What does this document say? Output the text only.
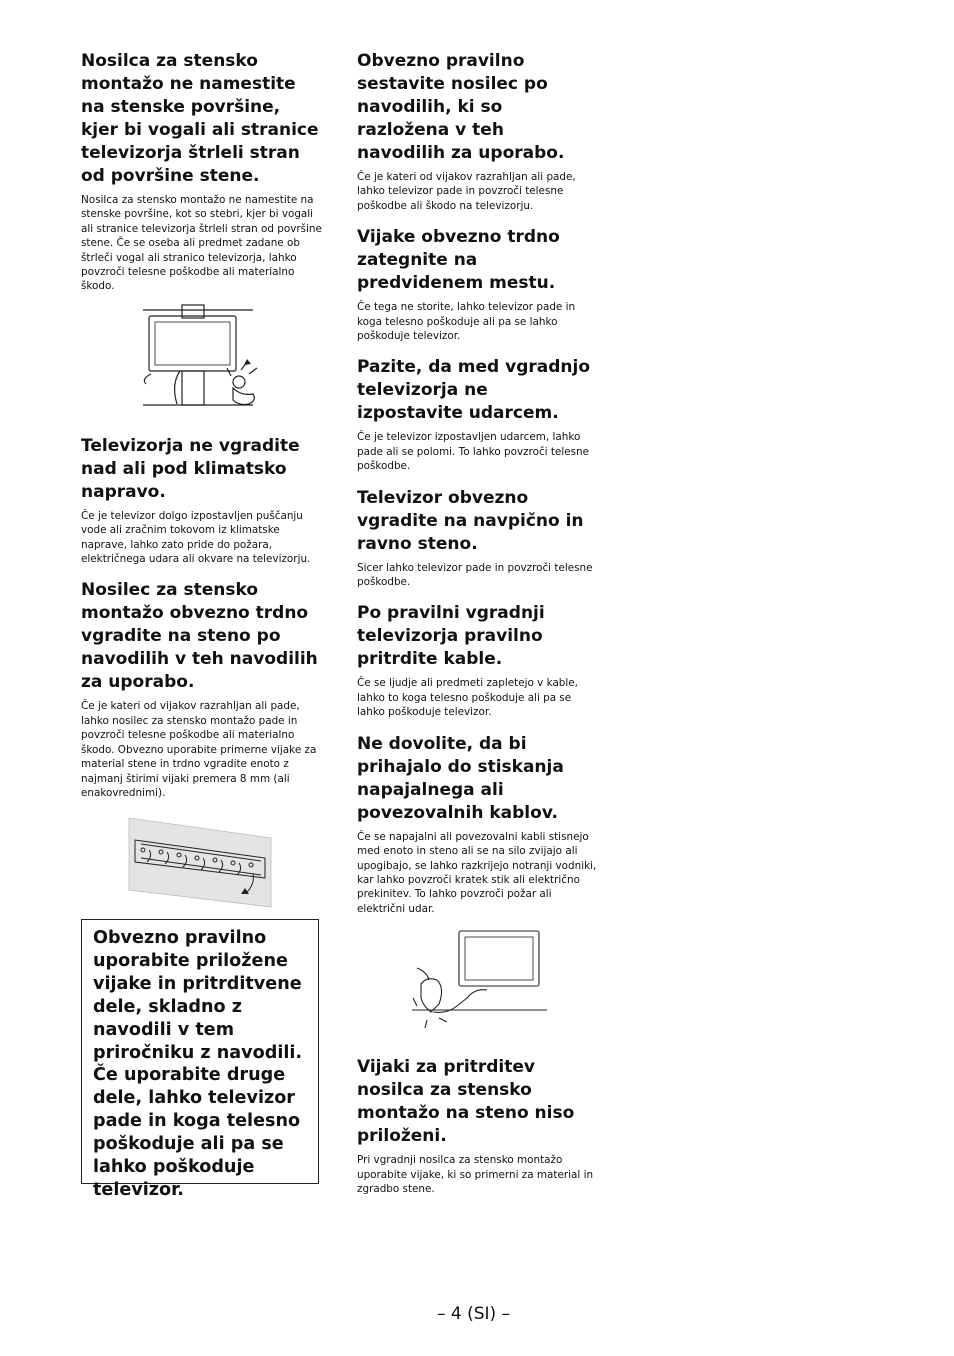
Nosilca za stensko montažo ne namestite na stenske površine, kjer bi vogali ali stranice televizorja štrleli stran od površine stene.

Nosilca za stensko montažo ne namestite na stenske površine, kot so stebri, kjer bi vogali ali stranice televizorja štrleli stran od površine stene. Če se oseba ali predmet zadane ob štrleči vogal ali stranico televizorja, lahko povzroči telesne poškodbe ali materialno škodo.

Televizorja ne vgradite nad ali pod klimatsko napravo.

Če je televizor dolgo izpostavljen puščanju vode ali zračnim tokovom iz klimatske naprave, lahko zato pride do požara, električnega udara ali okvare na televizorju.

Nosilec za stensko montažo obvezno trdno vgradite na steno po navodilih v teh navodilih za uporabo.

Če je kateri od vijakov razrahljan ali pade, lahko nosilec za stensko montažo pade in povzroči telesne poškodbe ali materialno škodo. Obvezno uporabite primerne vijake za material stene in trdno vgradite enoto z najmanj štirimi vijaki premera 8 mm (ali enakovrednimi).

Obvezno pravilno uporabite priložene vijake in pritrditvene dele, skladno z navodili v tem priročniku z navodili. Če uporabite druge dele, lahko televizor pade in koga telesno poškoduje ali pa se lahko poškoduje televizor.

Obvezno pravilno sestavite nosilec po navodilih, ki so razložena v teh navodilih za uporabo.

Če je kateri od vijakov razrahljan ali pade, lahko televizor pade in povzroči telesne poškodbe ali škodo na televizorju.

Vijake obvezno trdno zategnite na predvidenem mestu.

Če tega ne storite, lahko televizor pade in koga telesno poškoduje ali pa se lahko poškoduje televizor.

Pazite, da med vgradnjo televizorja ne izpostavite udarcem.

Če je televizor izpostavljen udarcem, lahko pade ali se polomi. To lahko povzroči telesne poškodbe.

Televizor obvezno vgradite na navpično in ravno steno.

Sicer lahko televizor pade in povzroči telesne poškodbe.

Po pravilni vgradnji televizorja pravilno pritrdite kable.

Če se ljudje ali predmeti zapletejo v kable, lahko to koga telesno poškoduje ali pa se lahko poškoduje televizor.

Ne dovolite, da bi prihajalo do stiskanja napajalnega ali povezovalnih kablov.

Če se napajalni ali povezovalni kabli stisnejo med enoto in steno ali se na silo zvijajo ali upogibajo, se lahko razkrijejo notranji vodniki, kar lahko povzroči kratek stik ali električno prekinitev. To lahko povzroči požar ali električni udar.

Vijaki za pritrditev nosilca za stensko montažo na steno niso priloženi.

Pri vgradnji nosilca za stensko montažo uporabite vijake, ki so primerni za material in zgradbo stene.

– 4 (SI) –
